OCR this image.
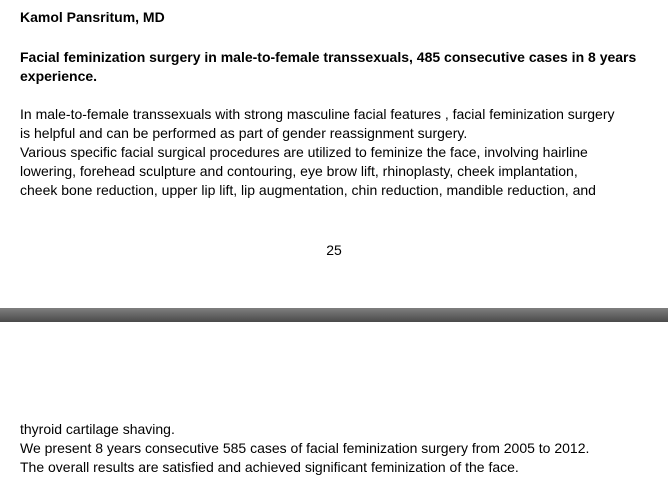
Kamol Pansritum, MD

Facial feminization surgery in male-to-female transsexuals, 485 consecutive cases in 8 years experience.

In male-to-female transsexuals with strong masculine facial features , facial feminization surgery

is helpful and can be performed as part of gender reassignment surgery.

Various specific facial surgical procedures are utilized to feminize the face, involving hairline

lowering, forehead sculpture and contouring, eye brow lift, rhinoplasty, cheek implantation,

cheek bone reduction, upper lip lift, lip augmentation, chin reduction, mandible reduction, and

25

thyroid cartilage shaving.

We present 8 years consecutive 585 cases of facial feminization surgery from 2005 to 2012.

The overall results are satisfied and achieved significant feminization of the face.
